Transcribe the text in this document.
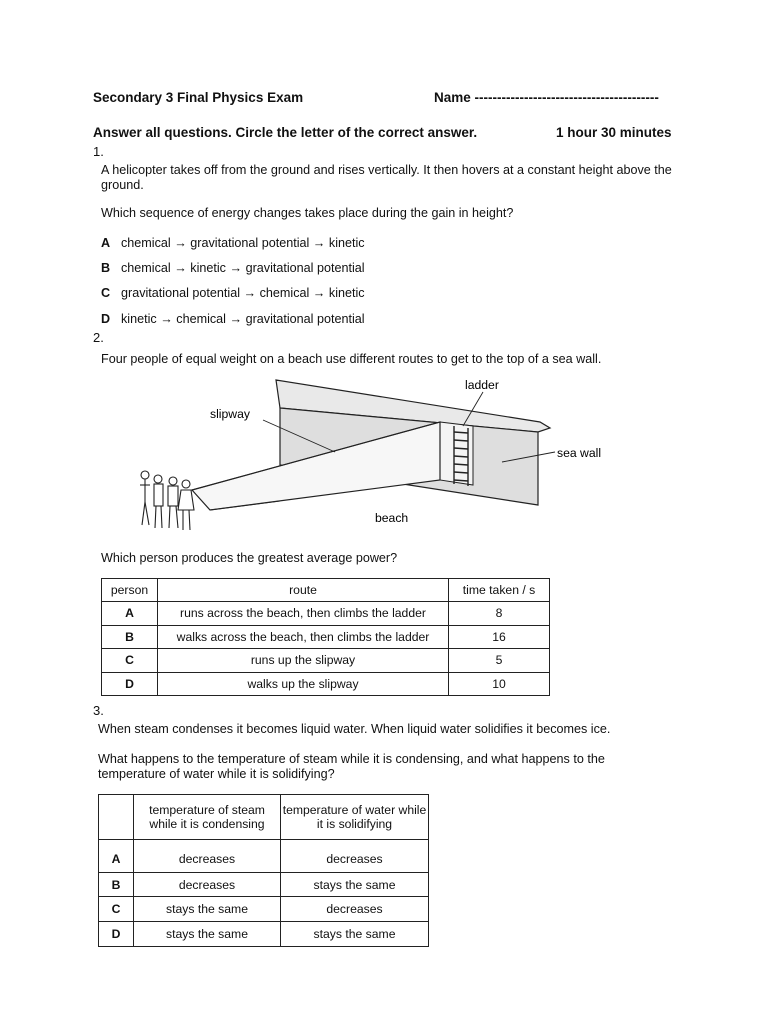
Secondary 3 Final Physics Exam	Name -----------------------------------------
Answer all questions. Circle the letter of the correct answer.	1 hour 30 minutes
1.
A helicopter takes off from the ground and rises vertically. It then hovers at a constant height above the ground.
Which sequence of energy changes takes place during the gain in height?
A chemical → gravitational potential → kinetic
B chemical → kinetic → gravitational potential
C gravitational potential → chemical → kinetic
D kinetic → chemical → gravitational potential
2.
Four people of equal weight on a beach use different routes to get to the top of a sea wall.
ladder
slipway
sea wall
beach
Which person produces the greatest average power?
person	route	time taken / s
A	runs across the beach, then climbs the ladder	8
B	walks across the beach, then climbs the ladder	16
C	runs up the slipway	5
D	walks up the slipway	10
3.
When steam condenses it becomes liquid water. When liquid water solidifies it becomes ice.
What happens to the temperature of steam while it is condensing, and what happens to the temperature of water while it is solidifying?
	temperature of steam while it is condensing	temperature of water while it is solidifying
A	decreases	decreases
B	decreases	stays the same
C	stays the same	decreases
D	stays the same	stays the same
